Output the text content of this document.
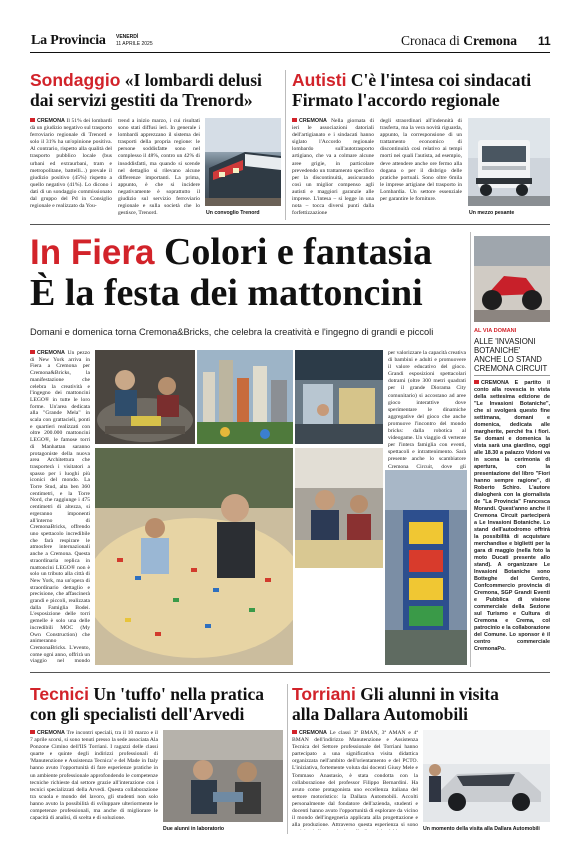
La Provincia VENERDÌ
11 APRILE 2025	Cronaca di Cremona 11
Sondaggio «I lombardi delusi
dai servizi gestiti da Trenord»
CREMONA Il 51% dei lombardi dà un giudizio negativo sul trasporto ferroviario regionale di Trenord e solo il 31% ha un'opinione positiva. Al contrario, rispetto alla qualità del trasporto pubblico locale (bus urbani ed extraurbani, tram e metropolitane, battelli...) prevale il giudizio positivo (45%) rispetto a quello negativo (41%). Lo dicono i dati di un sondaggio commissionato dal gruppo del Pd in Consiglio regionale e realizzato da You-
trend a inizio marzo, i cui risultati sono stati diffusi ieri. In generale i lombardi apprezzano il sistema dei trasporti della propria regione: le persone soddisfatte sono nel complesso il 48%, contro un 42% di insoddisfatti, ma quando si scende nel dettaglio si rilevano alcune differenze importanti. La prima, appunto, è che si incidere negativamente è soprattutto il giudizio sul servizio ferroviario regionale e sulla società che lo gestisce, Trenord.	Un convoglio Trenord
Autisti C'è l'intesa coi sindacati
Firmato l'accordo regionale
CREMONA Nella giornata di ieri le associazioni datoriali dell'artigianato e i sindacati hanno siglato l'Accordo regionale lombardo sull'autotrasporto artigiano, che va a colmare alcune aree grigie, in particolare prevedendo un trattamento specifico per la discontinuità, assicurando così un miglior compenso agli autisti e maggiori garanzie alle imprese. L'intesa – si legge in una nota – tocca diversi punti dalla forfettizzazione
degli straordinari all'indennità di trasferta, ma la vera novità riguarda, appunto, la corresponsione di un trattamento economico di discontinuità così relativo ai tempi morti nei quali l'autista, ad esempio, deve attendere anche ore fermo alla dogana o per il disbrigo delle pratiche portuali. Sono oltre 6mila le imprese artigiane del trasporto in Lombardia. Un settore essenziale per garantire le forniture.
Un mezzo pesante
In Fiera Colori e fantasia
È la festa dei mattoncini
Domani e domenica torna Cremona&Bricks, che celebra la creatività e l'ingegno di grandi e piccoli
CREMONA Un pezzo di New York arriva in Fiera a Cremona per Cremona&Bricks, la manifestazione che celebra la creatività e l'ingegno dei mattoncini LEGO® in tutte le loro forme. Un'area dedicata alla "Grande Mela" in scala con grattacieli, ponti e quartieri realizzati con oltre 200.000 mattoncini LEGO®, le famose torri di Manhattan saranno protagoniste della nuova area Architettura che trasporterà i visitatori a spasso per i luoghi più iconici del mondo. La Torre Stud, alta ben 360 centimetri, e la Torre Nord, che raggiunge i 475 centimetri di altezza, si ergeranno imponenti all'interno di CremonaBricks, offrendo uno spettacolo incredibile che farà respirare le atmosfere internazionali anche a Cremona. Questa straordinaria replica in mattoncini LEGO® non è solo un tributo alla città di New York, ma un'opera di straordinario dettaglio e precisione, che affascinerà grandi e piccoli, realizzata dalla Famiglia Bodei. L'esposizione delle torri gemelle è solo una delle incredibili MOC (My Own Construction) che animeranno CremonaBricks. L'evento, come ogni anno, offrirà un viaggio nel mondo
per valorizzare la capacità creativa di bambini e adulti e promuovere il valore educativo del gioco. Grandi esposizioni spettacolari dotrami (oltre 300 metri quadrati per il grande Diorama City comunitario) si accostano ad aree gioco interattive dove sperimentare le dinamiche aggregative del gioco che anche promuove l'incontro del mondo bricks: dalla robotica al videogame. Un viaggio di vertente per l'intera famiglia con eventi, spettacoli e intrattenimento. Sarà presente anche lo scambiatore Cremona Circuit, dove gli
AL VIA DOMANI
ALLE 'INVASIONI
BOTANICHE'
ANCHE LO STAND
CREMONA CIRCUIT
CREMONA È partito il conto alla rovescia in vista della settesima edizione de "Le Invasioni Botaniche", che si svolgerà questo fine settimana, domani e domenica, dedicata alle margherite, perché fra i fiori. Se domani e domenica la vista sarà una giardino, oggi alle 18.30 a palazzo Vidoni va in scena la cerimonia di apertura, con la presentazione del libro "Fiori hanno sempre ragione", di Roberto Schiro. L'autore dialogherà con la giornalista de "La Provincia" Francesca Morandi. Quest'anno anche il Cremona Circuit parteciperà a Le Invasioni Botaniche. Lo stand dell'autodromo offrirà la possibilità di acquistare merchandise e biglietti per la gara di maggio (nella foto la moto Ducati presente allo stand). A organizzare Le Invasioni Botaniche sono Botteghe del Centro, Confcommercio provincia di Cremona, SGP Grandi Eventi e Pubblica di visione commerciale della Sezione sul Turismo e Cultura di Cremona e Crema, col patrocinio e la collaborazione del Comune. Lo sponsor è il centro commerciale CremonaPo.
Tecnici Un 'tuffo' nella pratica
con gli specialisti dell'Arvedi
CREMONA Tre incontri speciali, tra il 10 marzo e il 7 aprile scorsi, si sono tenuti presso la sede associata Ala Ponzone Cimino dell'IIS Torriani. I ragazzi delle classi quarte e quinte degli indirizzi professionali di 'Manutenzione e Assistenza Tecnica' e del Made in Italy hanno avuto l'opportunità di fare esperienze pratiche in un ambiente professionale approfondendo le competenze tecniche richieste dal settore grazie all'interazione con i tecnici specializzati della Arvedi. Questa collaborazione tra scuola e mondo del lavoro, gli studenti non solo hanno avuto la possibilità di sviluppare ulteriormente le competenze professionali, ma anche di migliorare le capacità di analisi, di scelta e di soluzione.
Due alunni in laboratorio
Torriani Gli alunni in visita
alla Dallara Automobili
CREMONA Le classi 3ª BMAN, 3ª AMAN e 4ª BMAN dell'indirizzo Manutenzione e Assistenza Tecnica del Settore professionale del Torriani hanno partecipato a una significativa visita didattica organizzata nell'ambito dell'orientamento e del PCTO. L'iniziativa, fortemente voluta dai docenti Giusy Mele e Tommaso Anastasio, è stata condotta con la collaborazione del professor Filippo Bernardini. Ha avuto come protagonista uno eccellenza italiana del settore motoristico: la Dallara Automobili. Accolti personalmente dal fondatore dell'azienda, studenti e docenti hanno avuto l'opportunità di esplorare da vicino il mondo dell'ingegneria applicata alla progettazione e alla produzione. Attraverso questa esperienza si sono
Un momento della visita alla Dallara Automobili
